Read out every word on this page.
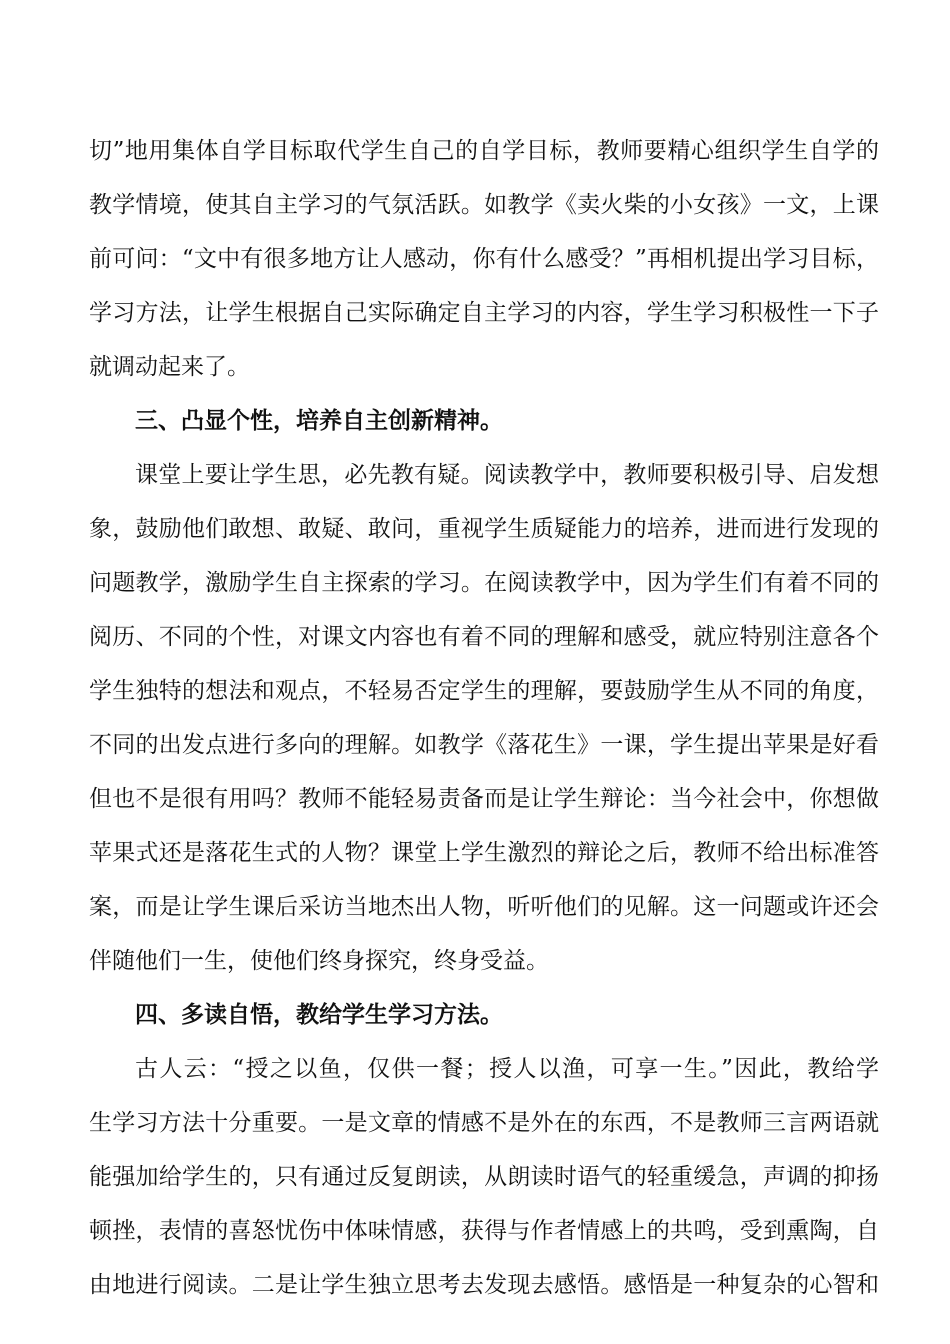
切”地用集体自学目标取代学生自己的自学目标，教师要精心组织学生自学的
教学情境，使其自主学习的气氛活跃。如教学《卖火柴的小女孩》一文，上课
前可问：“文中有很多地方让人感动，你有什么感受？”再相机提出学习目标，
学习方法，让学生根据自己实际确定自主学习的内容，学生学习积极性一下子
就调动起来了。
三、凸显个性，培养自主创新精神。
课堂上要让学生思，必先教有疑。阅读教学中，教师要积极引导、启发想
象，鼓励他们敢想、敢疑、敢问，重视学生质疑能力的培养，进而进行发现的
问题教学，激励学生自主探索的学习。在阅读教学中，因为学生们有着不同的
阅历、不同的个性，对课文内容也有着不同的理解和感受，就应特别注意各个
学生独特的想法和观点，不轻易否定学生的理解，要鼓励学生从不同的角度，
不同的出发点进行多向的理解。如教学《落花生》一课，学生提出苹果是好看
但也不是很有用吗？教师不能轻易责备而是让学生辩论：当今社会中，你想做
苹果式还是落花生式的人物？课堂上学生激烈的辩论之后，教师不给出标准答
案，而是让学生课后采访当地杰出人物，听听他们的见解。这一问题或许还会
伴随他们一生，使他们终身探究，终身受益。
四、多读自悟，教给学生学习方法。
古人云：“授之以鱼，仅供一餐；授人以渔，可享一生。”因此，教给学
生学习方法十分重要。一是文章的情感不是外在的东西，不是教师三言两语就
能强加给学生的，只有通过反复朗读，从朗读时语气的轻重缓急，声调的抑扬
顿挫，表情的喜怒忧伤中体味情感，获得与作者情感上的共鸣，受到熏陶，自
由地进行阅读。二是让学生独立思考去发现去感悟。感悟是一种复杂的心智和
